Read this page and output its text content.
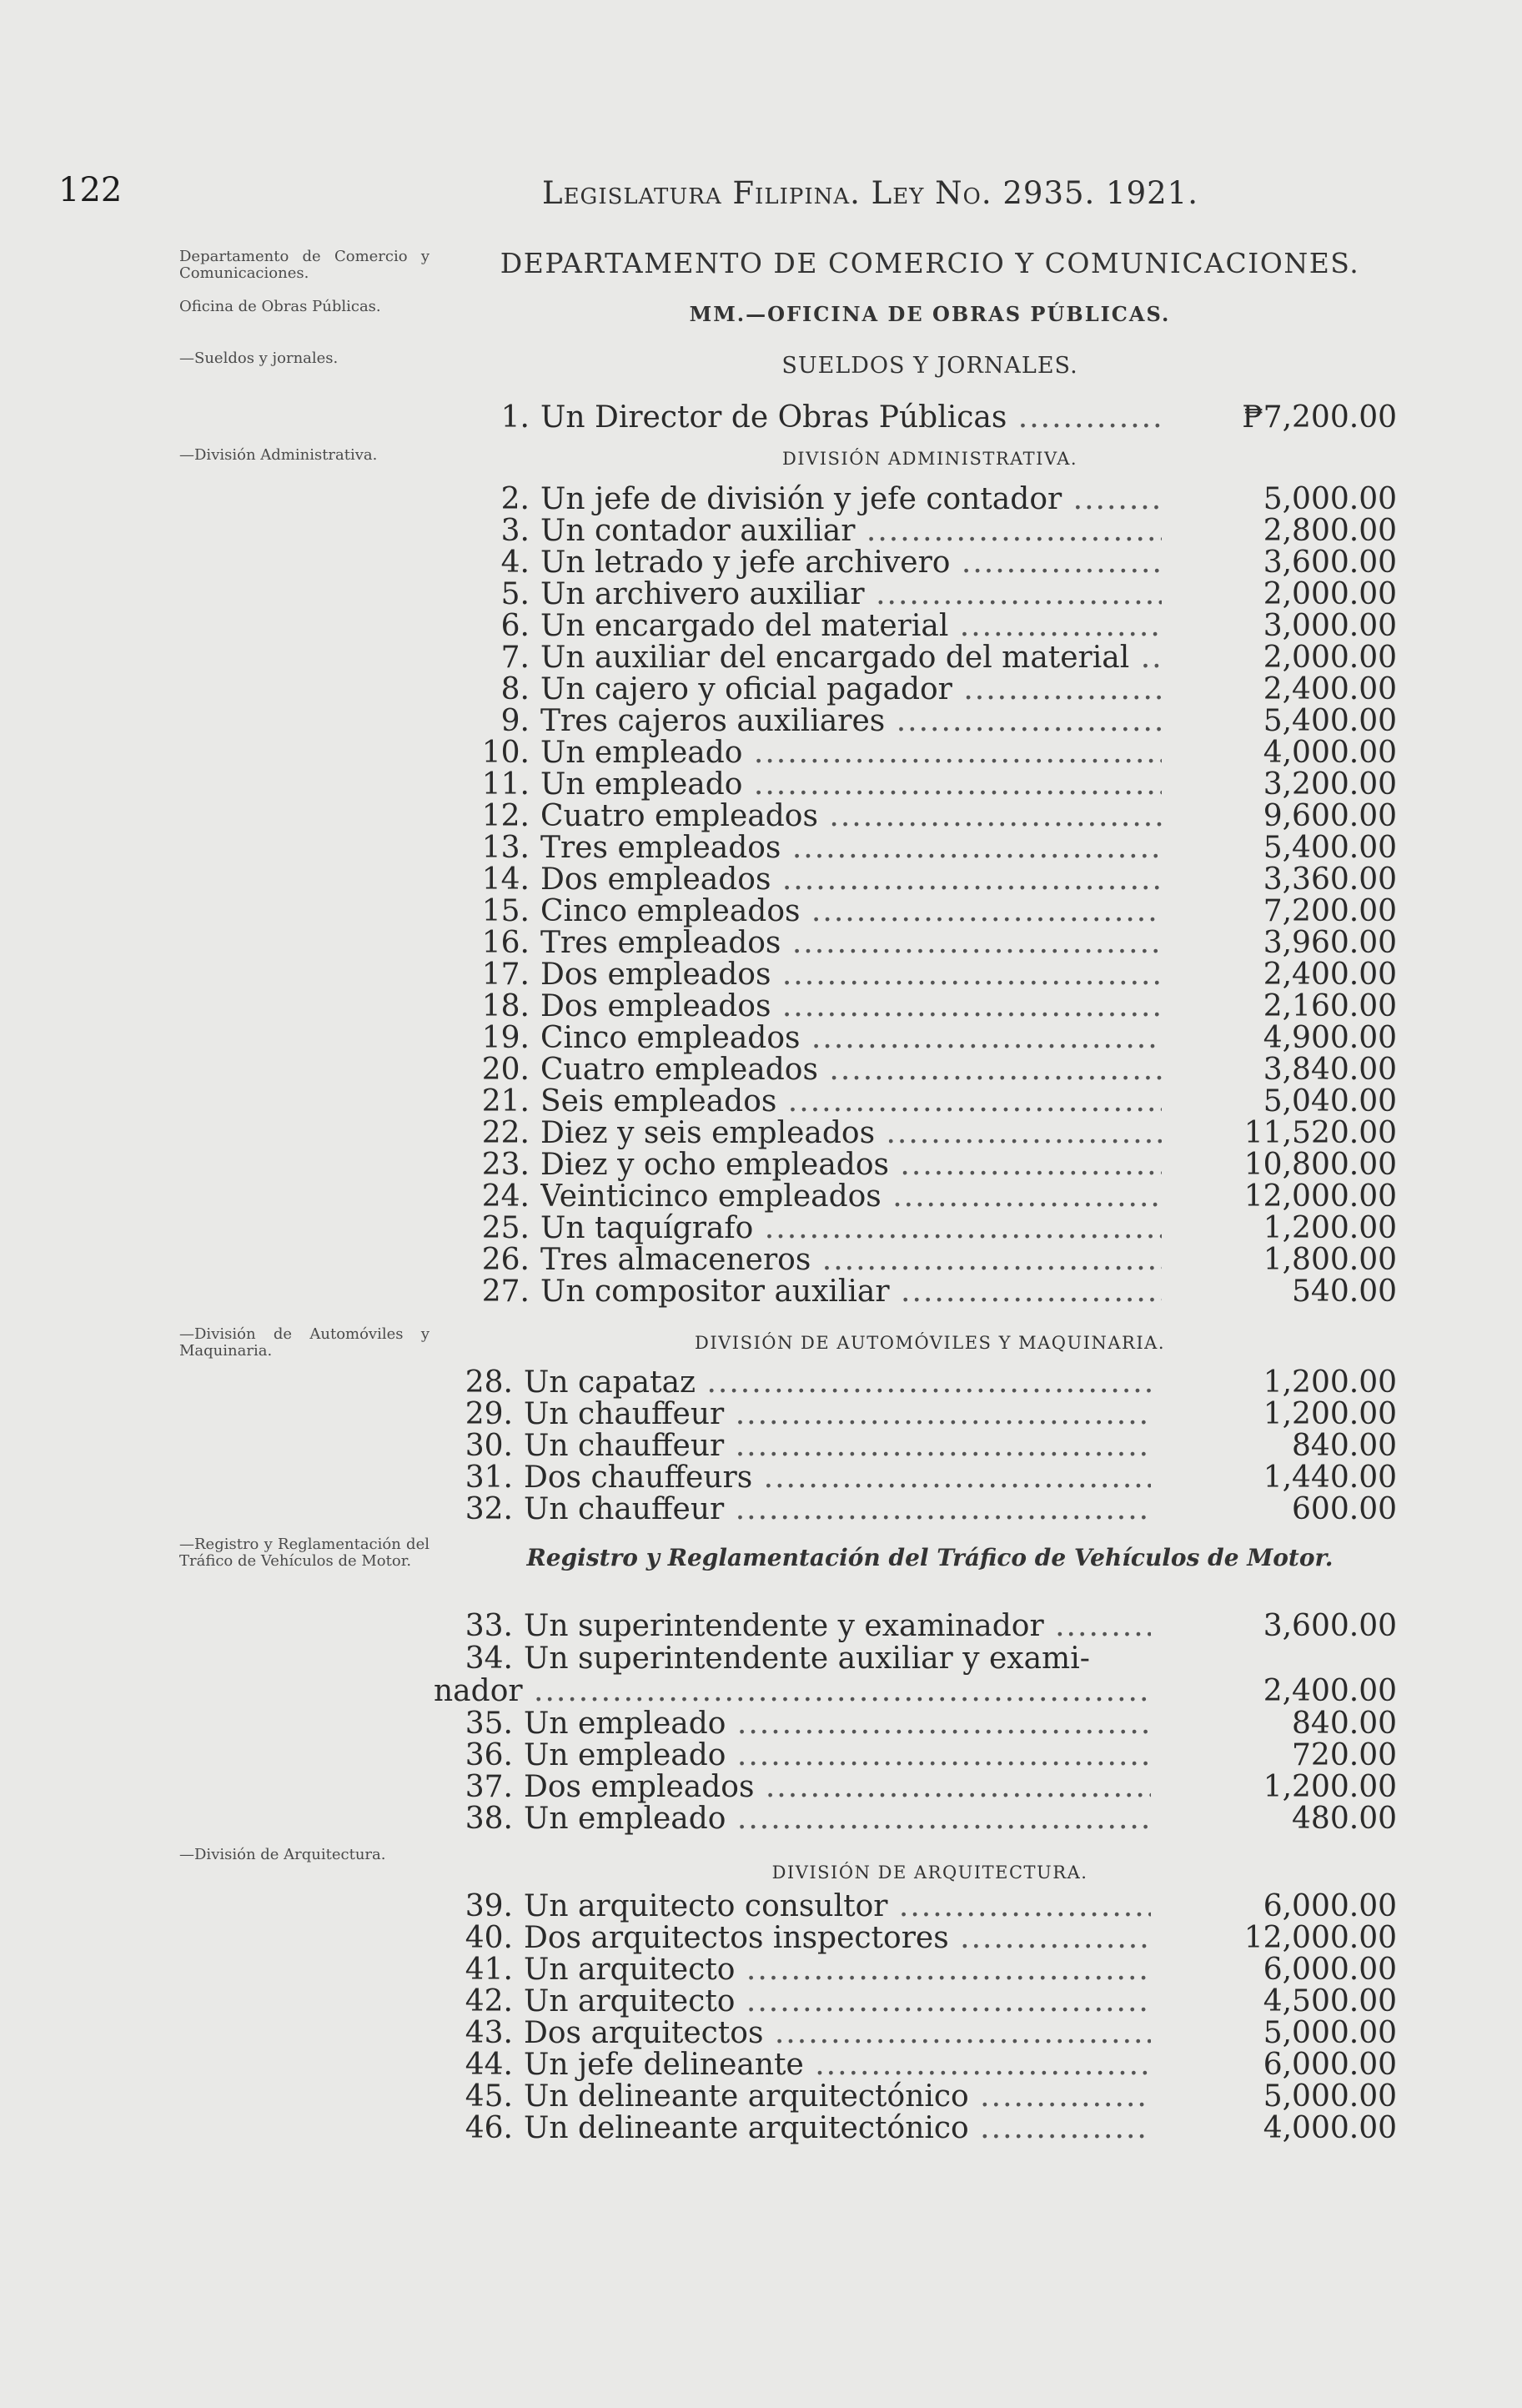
122	Legislatura Filipina. Ley No. 2935. 1921.
Departamento de Comercio y Comunicaciones.
Oficina de Obras Públicas.
—Sueldos y jornales.
—División Administrativa.
—División de Automóviles y Maquinaria.
—Registro y Reglamentación del Tráfico de Vehículos de Motor.
—División de Arquitectura.
DEPARTAMENTO DE COMERCIO Y COMUNICACIONES.
MM.—OFICINA DE OBRAS PÚBLICAS.
SUELDOS Y JORNALES.
DIVISIÓN ADMINISTRATIVA.
DIVISIÓN DE AUTOMÓVILES Y MAQUINARIA.
Registro y Reglamentación del Tráfico de Vehículos de Motor.
DIVISIÓN DE ARQUITECTURA.
1. Un Director de Obras Públicas .....	₱7,200.00
2. Un jefe de división y jefe contador .....	5,000.00
3. Un contador auxiliar .....	2,800.00
4. Un letrado y jefe archivero .....	3,600.00
5. Un archivero auxiliar .....	2,000.00
6. Un encargado del material .....	3,000.00
7. Un auxiliar del encargado del material .....	2,000.00
8. Un cajero y oficial pagador .....	2,400.00
9. Tres cajeros auxiliares .....	5,400.00
10. Un empleado .....	4,000.00
11. Un empleado .....	3,200.00
12. Cuatro empleados .....	9,600.00
13. Tres empleados .....	5,400.00
14. Dos empleados .....	3,360.00
15. Cinco empleados .....	7,200.00
16. Tres empleados .....	3,960.00
17. Dos empleados .....	2,400.00
18. Dos empleados .....	2,160.00
19. Cinco empleados .....	4,900.00
20. Cuatro empleados .....	3,840.00
21. Seis empleados .....	5,040.00
22. Diez y seis empleados .....	11,520.00
23. Diez y ocho empleados .....	10,800.00
24. Veinticinco empleados .....	12,000.00
25. Un taquígrafo .....	1,200.00
26. Tres almaceneros .....	1,800.00
27. Un compositor auxiliar .....	540.00
28. Un capataz .....	1,200.00
29. Un chauffeur .....	1,200.00
30. Un chauffeur .....	840.00
31. Dos chauffeurs .....	1,440.00
32. Un chauffeur .....	600.00
33. Un superintendente y examinador .....	3,600.00
34. Un superintendente auxiliar y exami-
nador .....	2,400.00
35. Un empleado .....	840.00
36. Un empleado .....	720.00
37. Dos empleados .....	1,200.00
38. Un empleado .....	480.00
39. Un arquitecto consultor .....	6,000.00
40. Dos arquitectos inspectores .....	12,000.00
41. Un arquitecto .....	6,000.00
42. Un arquitecto .....	4,500.00
43. Dos arquitectos .....	5,000.00
44. Un jefe delineante .....	6,000.00
45. Un delineante arquitectónico .....	5,000.00
46. Un delineante arquitectónico .....	4,000.00
